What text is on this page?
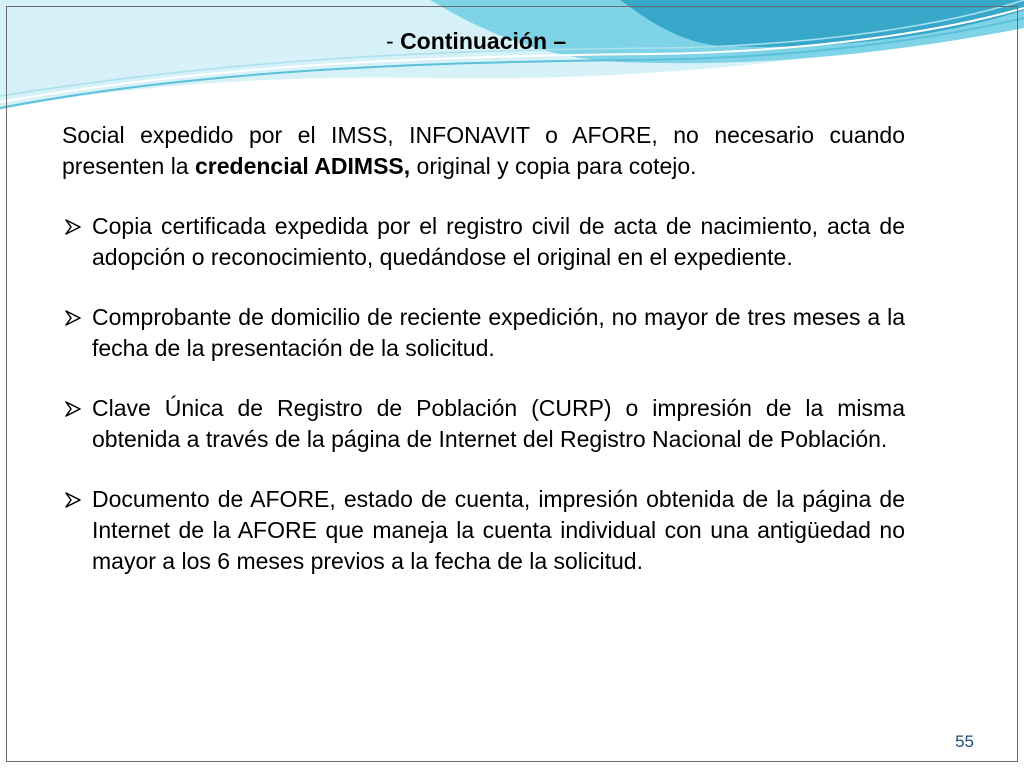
- Continuación –

Social expedido por el IMSS, INFONAVIT o AFORE, no necesario cuando presenten la credencial ADIMSS, original y copia para cotejo.

Copia certificada expedida por el registro civil de acta de nacimiento, acta de adopción o reconocimiento, quedándose el original en el expediente.
Comprobante de domicilio de reciente expedición, no mayor de tres meses a la fecha de la presentación de la solicitud.
Clave Única de Registro de Población (CURP) o impresión de la misma obtenida a través de la página de Internet del Registro Nacional de Población.
Documento de AFORE, estado de cuenta, impresión obtenida de la página de Internet de la AFORE que maneja la cuenta individual con una antigüedad no mayor a los 6 meses previos a la fecha de la solicitud.
55
